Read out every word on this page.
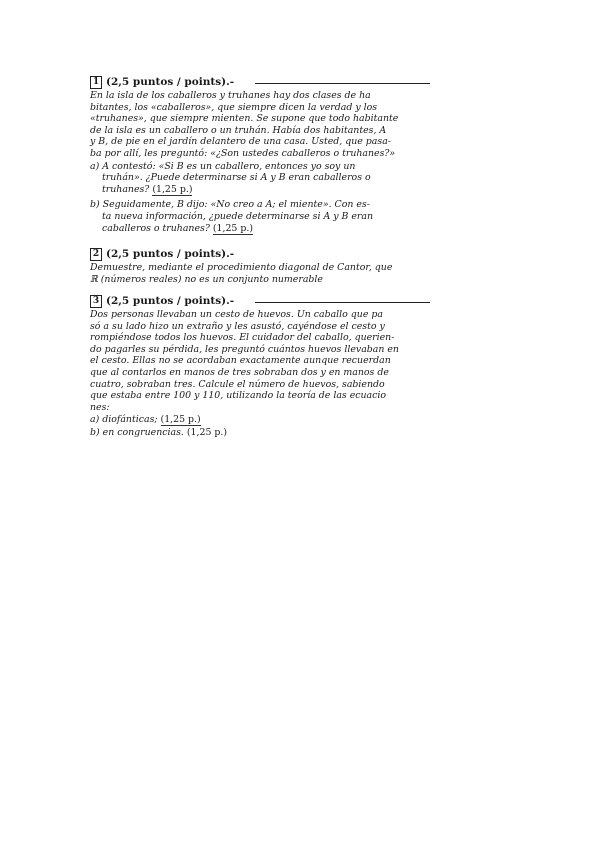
1 (2,5 puntos / points).-

En la isla de los caballeros y truhanes hay dos clases de ha
bitantes, los «caballeros», que siempre dicen la verdad y los
«truhanes», que siempre mienten. Se supone que todo habitante
de la isla es un caballero o un truhán. Había dos habitantes, A
y B, de pie en el jardín delantero de una casa. Usted, que pasa-
ba por allí, les preguntó: «¿Son ustedes caballeros o truhanes?»

a) A contestó: «Si B es un caballero, entonces yo soy un
truhán». ¿Puede determinarse si A y B eran caballeros o
truhanes? (1,25 p.)

b) Seguidamente, B dijo: «No creo a A; el miente». Con es-
ta nueva información, ¿puede determinarse si A y B eran
caballeros o truhanes? (1,25 p.)

2 (2,5 puntos / points).-

Demuestre, mediante el procedimiento diagonal de Cantor, que
ℝ (números reales) no es un conjunto numerable

3 (2,5 puntos / points).-

Dos personas llevaban un cesto de huevos. Un caballo que pa
só a su lado hizo un extraño y les asustó, cayéndose el cesto y
rompiéndose todos los huevos. El cuidador del caballo, querien-
do pagarles su pérdida, les preguntó cuántos huevos llevaban en
el cesto. Ellas no se acordaban exactamente aunque recuerdan
que al contarlos en manos de tres sobraban dos y en manos de
cuatro, sobraban tres. Calcule el número de huevos, sabiendo
que estaba entre 100 y 110, utilizando la teoría de las ecuacio
nes:

a) diofánticas; (1,25 p.)

b) en congruencias. (1,25 p.)
